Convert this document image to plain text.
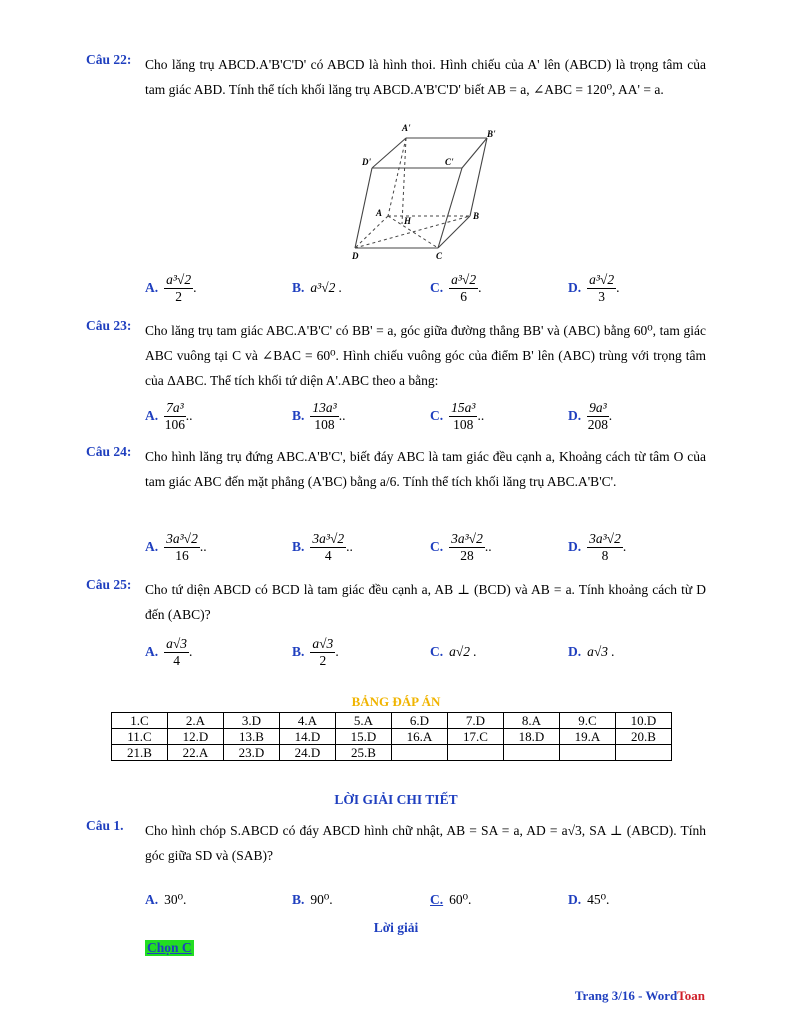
Câu 22: Cho lăng trụ ABCD.A'B'C'D' có ABCD là hình thoi. Hình chiếu của A' lên (ABCD) là trọng tâm của tam giác ABD. Tính thể tích khối lăng trụ ABCD.A'B'C'D' biết AB = a, ∠ABC = 120⁰, AA' = a.
A'
B'
D'	C'
A
H	B
D	C
A. $\frac{\text{a³√2}}{2}$ .	B. a³√2 .	C. $\frac{\text{a³√2}}{6}$ .	D. $\frac{\text{a³√2}}{3}$ .
Câu 23: Cho lăng trụ tam giác ABC.A'B'C' có BB' = a, góc giữa đường thẳng BB' và (ABC) bằng 60⁰, tam giác ABC vuông tại C và ∠BAC = 60⁰. Hình chiếu vuông góc của điểm B' lên (ABC) trùng với trọng tâm của ΔABC. Thể tích khối tứ diện A'.ABC theo a bằng:
A. $\frac{\text{7a³}}{106}$ ..	B. $\frac{\text{13a³}}{108}$ ..	C. $\frac{\text{15a³}}{108}$ ..	D. $\frac{\text{9a³}}{208}$ .
Câu 24: Cho hình lăng trụ đứng ABC.A'B'C', biết đáy ABC là tam giác đều cạnh a, Khoảng cách từ tâm O của tam giác ABC đến mặt phẳng (A'BC) bằng a/6. Tính thể tích khối lăng trụ ABC.A'B'C'.
A. $\frac{\text{3a³√2}}{16}$ ..	B. $\frac{\text{3a³√2}}{4}$ ..	C. $\frac{\text{3a³√2}}{28}$ ..	D. $\frac{\text{3a³√2}}{8}$ .
Câu 25: Cho tứ diện ABCD có BCD là tam giác đều cạnh a, AB ⊥ (BCD) và AB = a. Tính khoảng cách từ D đến (ABC)?
A. $\frac{a√3}{4}$ .	B. $\frac{a√3}{2}$ .	C. a√2 .	D. a√3 .
BẢNG ĐÁP ÁN
1.C	2.A	3.D	4.A	5.A	6.D	7.D	8.A	9.C	10.D
11.C	12.D	13.B	14.D	15.D	16.A	17.C	18.D	19.A	20.B
21.B	22.A	23.D	24.D	25.B					
LỜI GIẢI CHI TIẾT
Câu 1. Cho hình chóp S.ABCD có đáy ABCD hình chữ nhật, AB = SA = a, AD = a√3, SA ⊥ (ABCD). Tính góc giữa SD và (SAB)?
A. 30⁰.	B. 90⁰.	C. 60⁰.	D. 45⁰.
Lời giải
Chọn C
Trang 3/16 - WordToan
